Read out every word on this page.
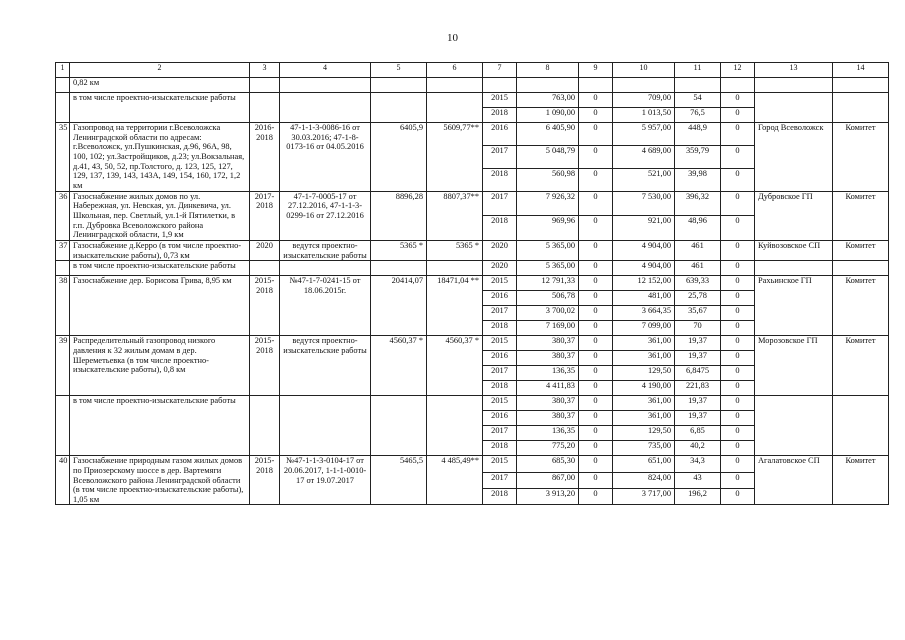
10
1	2	3	4	5	6	7	8	9	10	11	12	13	14
	0,82 км												
	в том числе проектно-изыскательские работы					2015	763,00	0	709,00	54	0		
						2018	1 090,00	0	1 013,50	76,5	0		
35	Газопровод на территории г.Всеволожска Ленинградской области по адресам: г.Всеволожск, ул.Пушкинская, д.96, 96А, 98, 100, 102; ул.Застройщиков, д.23; ул.Вокзальная, д.41, 43, 50, 52, пр.Толстого, д. 123, 125, 127, 129, 137, 139, 143, 143А, 149, 154, 160, 172, 1,2 км	2016-2018	47-1-1-3-0086-16 от 30.03.2016; 47-1-8-0173-16 от 04.05.2016	6405,9	5609,77**	2016	6 405,90	0	5 957,00	448,9	0	Город Всеволожск	Комитет
						2017	5 048,79	0	4 689,00	359,79	0		
						2018	560,98	0	521,00	39,98	0		
36	Газоснабжение жилых домов по ул. Набережная, ул. Невская, ул. Динкевича, ул. Школьная, пер. Светлый, ул.1-й Пятилетки, в г.п. Дубровка Всеволожского района Ленинградской области, 1,9 км	2017-2018	47-1-7-0005-17 от 27.12.2016, 47-1-1-3-0299-16 от 27.12.2016	8896,28	8807,37**	2017	7 926,32	0	7 530,00	396,32	0	Дубровское ГП	Комитет
						2018	969,96	0	921,00	48,96	0		
37	Газоснабжение д.Керро (в том числе проектно-изыскательские работы), 0,73 км	2020	ведутся проектно-изыскательские работы	5365 *	5365 *	2020	5 365,00	0	4 904,00	461	0	Куйвозовское СП	Комитет
	в том числе проектно-изыскательские работы					2020	5 365,00	0	4 904,00	461	0		
38	Газоснабжение дер. Борисова Грива, 8,95 км	2015-2018	№47-1-7-0241-15 от 18.06.2015г.	20414,07	18471,04 **	2015	12 791,33	0	12 152,00	639,33	0	Рахьинское ГП	Комитет
						2016	506,78	0	481,00	25,78	0		
						2017	3 700,02	0	3 664,35	35,67	0		
						2018	7 169,00	0	7 099,00	70	0		
39	Распределительный газопровод низкого давления к 32 жилым домам в дер. Шереметьевка (в том числе проектно-изыскательские работы), 0,8 км	2015-2018	ведутся проектно-изыскательские работы	4560,37 *	4560,37 *	2015	380,37	0	361,00	19,37	0	Морозовское ГП	Комитет
						2016	380,37	0	361,00	19,37	0		
						2017	136,35	0	129,50	6,8475	0		
						2018	4 411,83	0	4 190,00	221,83	0		
	в том числе проектно-изыскательские работы					2015	380,37	0	361,00	19,37	0		
						2016	380,37	0	361,00	19,37	0		
						2017	136,35	0	129,50	6,85	0		
						2018	775,20	0	735,00	40,2	0		
40	Газоснабжение природным газом жилых домов по Приозерскому шоссе в дер. Вартемяги Всеволожского района Ленинградской области (в том числе проектно-изыскательские работы), 1,05 км	2015-2018	№47-1-1-3-0104-17 от 20.06.2017, 1-1-1-0010-17 от 19.07.2017	5465,5	4 485,49**	2015	685,30	0	651,00	34,3	0	Агалатовское СП	Комитет
						2017	867,00	0	824,00	43	0		
						2018	3 913,20	0	3 717,00	196,2	0		
